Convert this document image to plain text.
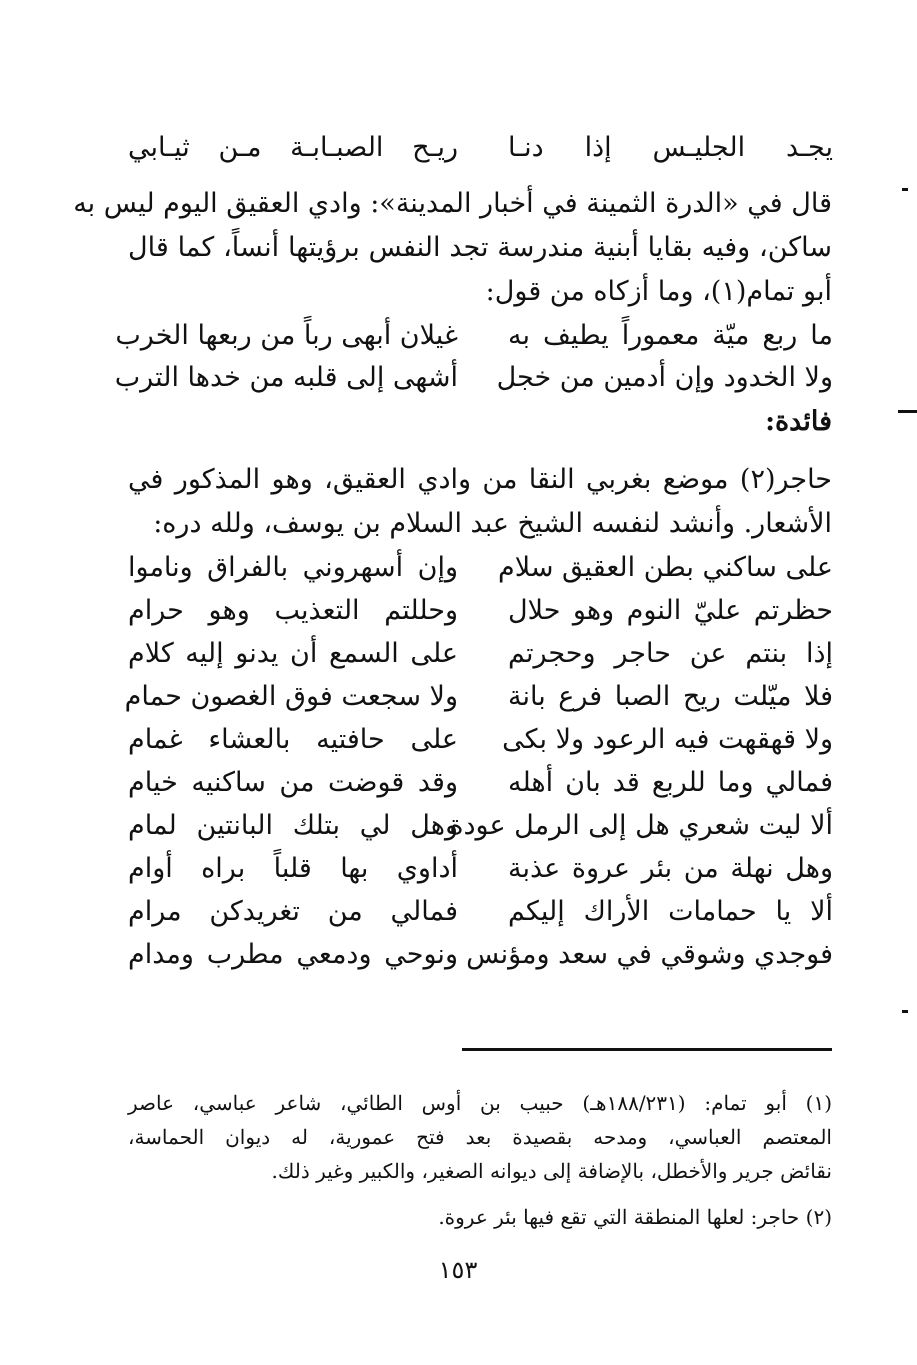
يجـد الجليـس إذا دنـا
ريـح الصبـابـة مـن ثيـابي
قال في «الدرة الثمينة في أخبار المدينة»: وادي العقيق اليوم ليس به
ساكن، وفيه بقايا أبنية مندرسة تجد النفس برؤيتها أنساً، كما قال
أبو تمام(١)، وما أزكاه من قول:
ما ربع ميّة معموراً يطيف به
غيلان أبهى رباً من ربعها الخرب
ولا الخدود وإن أدمين من خجل
أشهى إلى قلبه من خدها الترب
فائدة:
حاجر(٢) موضع بغربي النقا من وادي العقيق، وهو المذكور في
الأشعار. وأنشد لنفسه الشيخ عبد السلام بن يوسف، ولله دره:
على ساكني بطن العقيق سلام
وإن أسهروني بالفراق وناموا
حظرتم عليّ النوم وهو حلال
وحللتم التعذيب وهو حرام
إذا بنتم عن حاجر وحجرتم
على السمع أن يدنو إليه كلام
فلا ميّلت ريح الصبا فرع بانة
ولا سجعت فوق الغصون حمام
ولا قهقهت فيه الرعود ولا بكى
على حافتيه بالعشاء غمام
فمالي وما للربع قد بان أهله
وقد قوضت من ساكنيه خيام
ألا ليت شعري هل إلى الرمل عودة
وهل لي بتلك البانتين لمام
وهل نهلة من بئر عروة عذبة
أداوي بها قلباً براه أوام
ألا يا حمامات الأراك إليكم
فمالي من تغريدكن مرام
فوجدي وشوقي في سعد ومؤنس
ونوحي ودمعي مطرب ومدام
(١) أبو تمام: (١٨٨/٢٣١هـ) حبيب بن أوس الطائي، شاعر عباسي، عاصر
المعتصم العباسي، ومدحه بقصيدة بعد فتح عمورية، له ديوان الحماسة،
نقائض جرير والأخطل، بالإضافة إلى ديوانه الصغير، والكبير وغير ذلك.
(٢) حاجر: لعلها المنطقة التي تقع فيها بئر عروة.
١٥٣
